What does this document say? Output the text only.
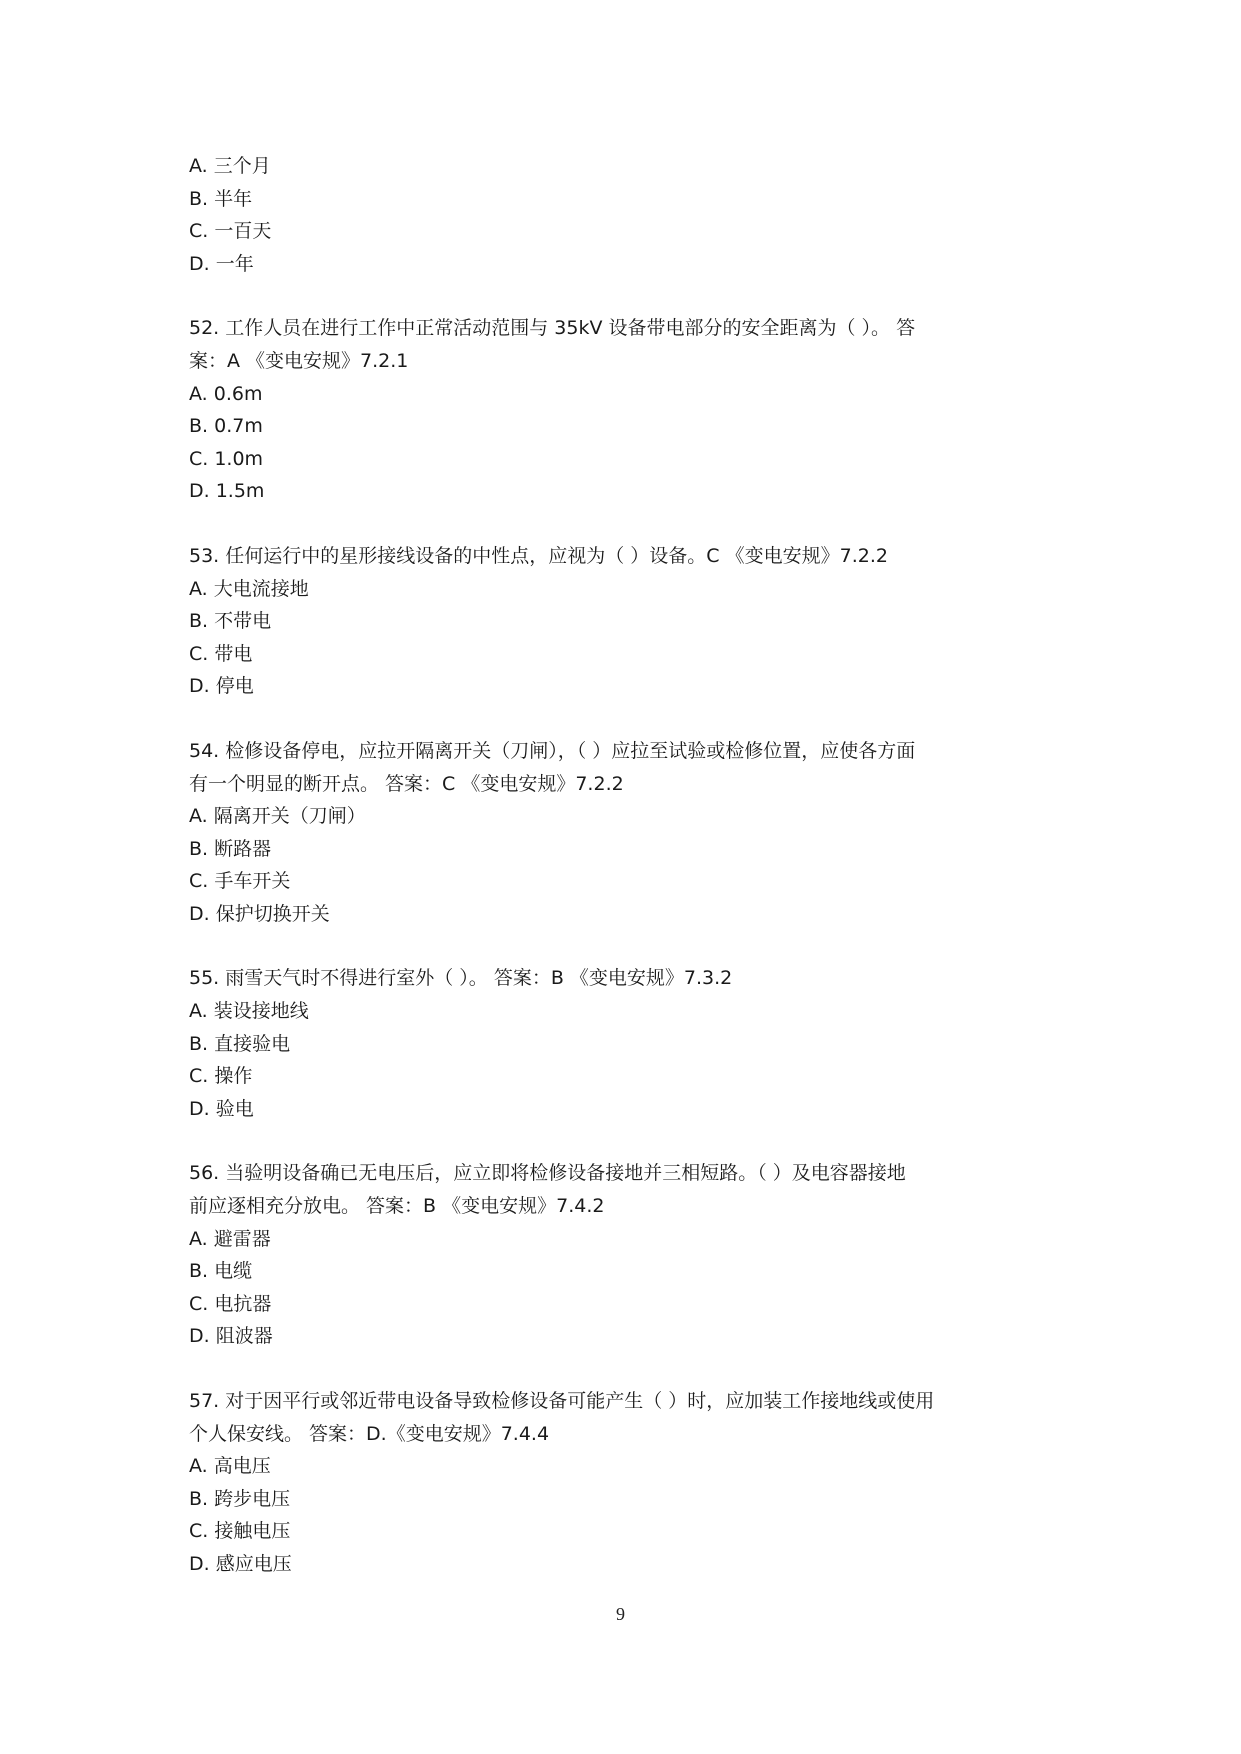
A. 三个月
B. 半年
C. 一百天
D. 一年
52. 工作人员在进行工作中正常活动范围与 35kV 设备带电部分的安全距离为（ ）。 答
案：A 《变电安规》7.2.1
A. 0.6m
B. 0.7m
C. 1.0m
D. 1.5m
53. 任何运行中的星形接线设备的中性点，应视为（ ）设备。C 《变电安规》7.2.2
A. 大电流接地
B. 不带电
C. 带电
D. 停电
54. 检修设备停电，应拉开隔离开关（刀闸），（ ）应拉至试验或检修位置，应使各方面
有一个明显的断开点。 答案：C 《变电安规》7.2.2
A. 隔离开关（刀闸）
B. 断路器
C. 手车开关
D. 保护切换开关
55. 雨雪天气时不得进行室外（ ）。 答案：B 《变电安规》7.3.2
A. 装设接地线
B. 直接验电
C. 操作
D. 验电
56. 当验明设备确已无电压后，应立即将检修设备接地并三相短路。（ ）及电容器接地
前应逐相充分放电。 答案：B 《变电安规》7.4.2
A. 避雷器
B. 电缆
C. 电抗器
D. 阻波器
57. 对于因平行或邻近带电设备导致检修设备可能产生（ ）时，应加装工作接地线或使用
个人保安线。 答案：D.《变电安规》7.4.4
A. 高电压
B. 跨步电压
C. 接触电压
D. 感应电压
9
